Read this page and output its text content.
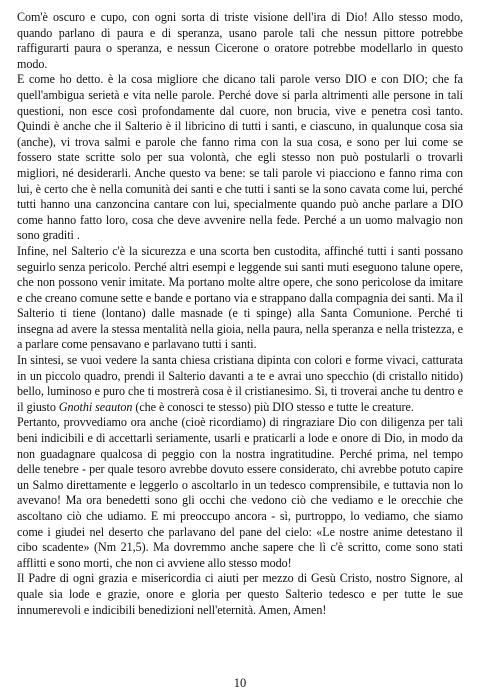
Com'è oscuro e cupo, con ogni sorta di triste visione dell'ira di Dio! Allo stesso modo, quando parlano di paura e di speranza, usano parole tali che nessun pittore potrebbe raffigurarti paura o speranza, e nessun Cicerone o oratore potrebbe modellarlo in questo modo.

E come ho detto. è la cosa migliore che dicano tali parole verso DIO e con DIO; che fa quell'ambigua serietà e vita nelle parole. Perché dove si parla altrimenti alle persone in tali questioni, non esce così profondamente dal cuore, non brucia, vive e penetra così tanto. Quindi è anche che il Salterio è il libricino di tutti i santi, e ciascuno, in qualunque cosa sia (anche), vi trova salmi e parole che fanno rima con la sua cosa, e sono per lui come se fossero state scritte solo per sua volontà, che egli stesso non può postularli o trovarli migliori, né desiderarli. Anche questo va bene: se tali parole vi piacciono e fanno rima con lui, è certo che è nella comunità dei santi e che tutti i santi se la sono cavata come lui, perché tutti hanno una canzoncina cantare con lui, specialmente quando può anche parlare a DIO come hanno fatto loro, cosa che deve avvenire nella fede. Perché a un uomo malvagio non sono graditi .

Infine, nel Salterio c'è la sicurezza e una scorta ben custodita, affinché tutti i santi possano seguirlo senza pericolo. Perché altri esempi e leggende sui santi muti eseguono talune opere, che non possono venir imitate. Ma portano molte altre opere, che sono pericolose da imitare e che creano comune sette e bande e portano via e strappano dalla compagnia dei santi. Ma il Salterio ti tiene (lontano) dalle masnade (e ti spinge) alla Santa Comunione. Perché ti insegna ad avere la stessa mentalità nella gioia, nella paura, nella speranza e nella tristezza, e a parlare come pensavano e parlavano tutti i santi.

In sintesi, se vuoi vedere la santa chiesa cristiana dipinta con colori e forme vivaci, catturata in un piccolo quadro, prendi il Salterio davanti a te e avrai uno specchio (di cristallo nitido) bello, luminoso e puro che ti mostrerà cosa è il cristianesimo. Sì, ti troverai anche tu dentro e il giusto Gnothi seauton (che è conosci te stesso) più DIO stesso e tutte le creature.

Pertanto, provvediamo ora anche (cioè ricordiamo) di ringraziare Dio con diligenza per tali beni indicibili e di accettarli seriamente, usarli e praticarli a lode e onore di Dio, in modo da non guadagnare qualcosa di peggio con la nostra ingratitudine. Perché prima, nel tempo delle tenebre - per quale tesoro avrebbe dovuto essere considerato, chi avrebbe potuto capire un Salmo direttamente e leggerlo o ascoltarlo in un tedesco comprensibile, e tuttavia non lo avevano! Ma ora benedetti sono gli occhi che vedono ciò che vediamo e le orecchie che ascoltano ciò che udiamo. E mi preoccupo ancora - sì, purtroppo, lo vediamo, che siamo come i giudei nel deserto che parlavano del pane del cielo: «Le nostre anime detestano il cibo scadente» (Nm 21,5). Ma dovremmo anche sapere che lì c'è scritto, come sono stati afflitti e sono morti, che non ci avviene allo stesso modo!

Il Padre di ogni grazia e misericordia ci aiuti per mezzo di Gesù Cristo, nostro Signore, al quale sia lode e grazie, onore e gloria per questo Salterio tedesco e per tutte le sue innumerevoli e indicibili benedizioni nell'eternità. Amen, Amen!

10
